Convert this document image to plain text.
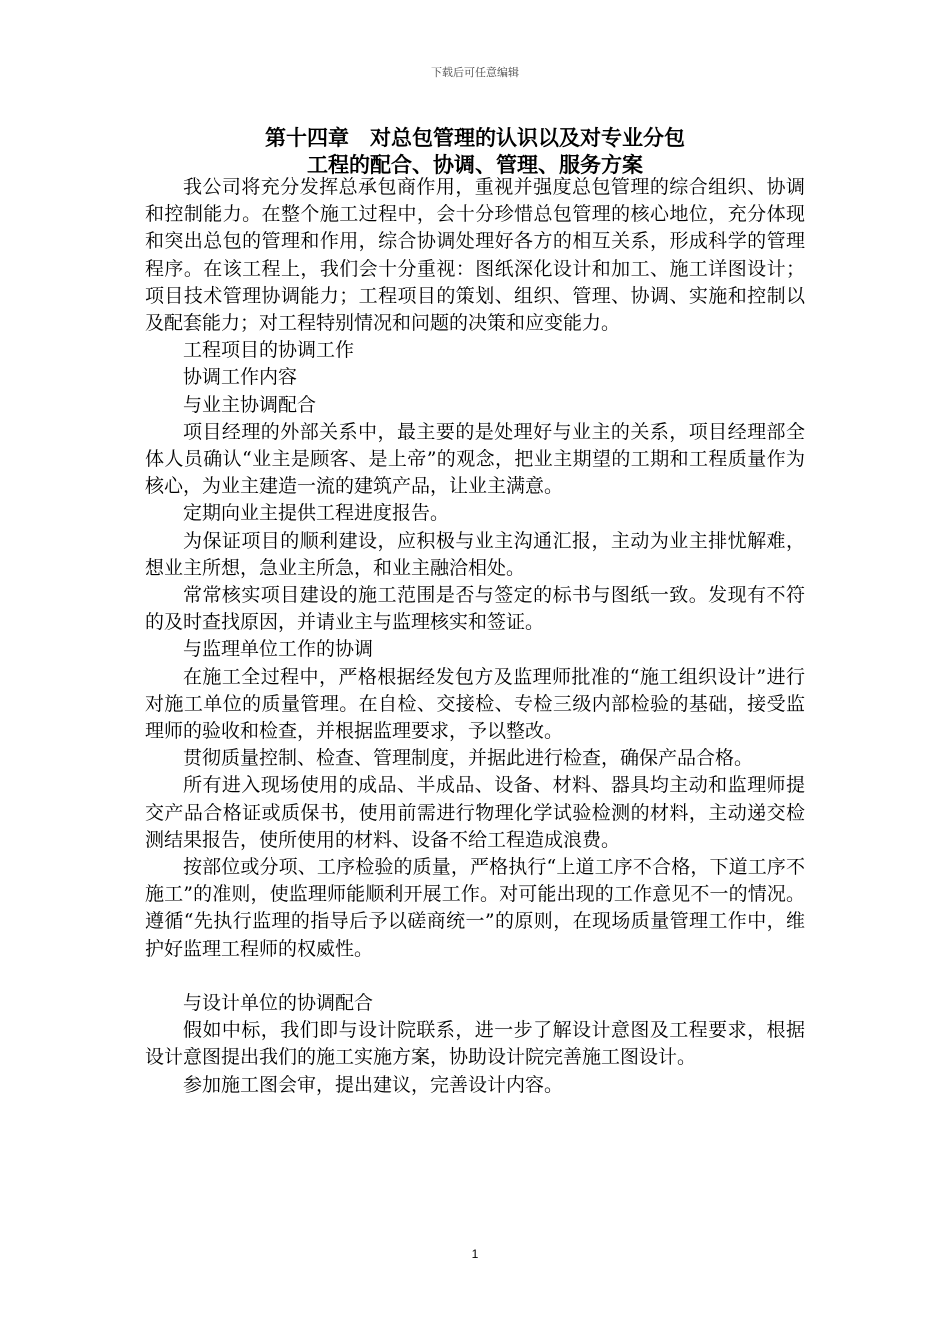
下载后可任意编辑
第十四章　对总包管理的认识以及对专业分包
工程的配合、协调、管理、服务方案

我公司将充分发挥总承包商作用，重视并强度总包管理的综合组织、协调和控制能力。在整个施工过程中，会十分珍惜总包管理的核心地位，充分体现和突出总包的管理和作用，综合协调处理好各方的相互关系，形成科学的管理程序。在该工程上，我们会十分重视：图纸深化设计和加工、施工详图设计；项目技术管理协调能力；工程项目的策划、组织、管理、协调、实施和控制以及配套能力；对工程特别情况和问题的决策和应变能力。

工程项目的协调工作

协调工作内容

与业主协调配合

项目经理的外部关系中，最主要的是处理好与业主的关系，项目经理部全体人员确认“业主是顾客、是上帝”的观念，把业主期望的工期和工程质量作为核心，为业主建造一流的建筑产品，让业主满意。

定期向业主提供工程进度报告。

为保证项目的顺利建设，应积极与业主沟通汇报，主动为业主排忧解难，想业主所想，急业主所急，和业主融洽相处。

常常核实项目建设的施工范围是否与签定的标书与图纸一致。发现有不符的及时查找原因，并请业主与监理核实和签证。

与监理单位工作的协调

在施工全过程中，严格根据经发包方及监理师批准的“施工组织设计”进行对施工单位的质量管理。在自检、交接检、专检三级内部检验的基础，接受监理师的验收和检查，并根据监理要求，予以整改。

贯彻质量控制、检查、管理制度，并据此进行检查，确保产品合格。

所有进入现场使用的成品、半成品、设备、材料、器具均主动和监理师提交产品合格证或质保书，使用前需进行物理化学试验检测的材料，主动递交检测结果报告，使所使用的材料、设备不给工程造成浪费。

按部位或分项、工序检验的质量，严格执行“上道工序不合格，下道工序不施工”的准则，使监理师能顺利开展工作。对可能出现的工作意见不一的情况。遵循“先执行监理的指导后予以磋商统一”的原则，在现场质量管理工作中，维护好监理工程师的权威性。

与设计单位的协调配合

假如中标，我们即与设计院联系，进一步了解设计意图及工程要求，根据设计意图提出我们的施工实施方案，协助设计院完善施工图设计。

参加施工图会审，提出建议，完善设计内容。

1
